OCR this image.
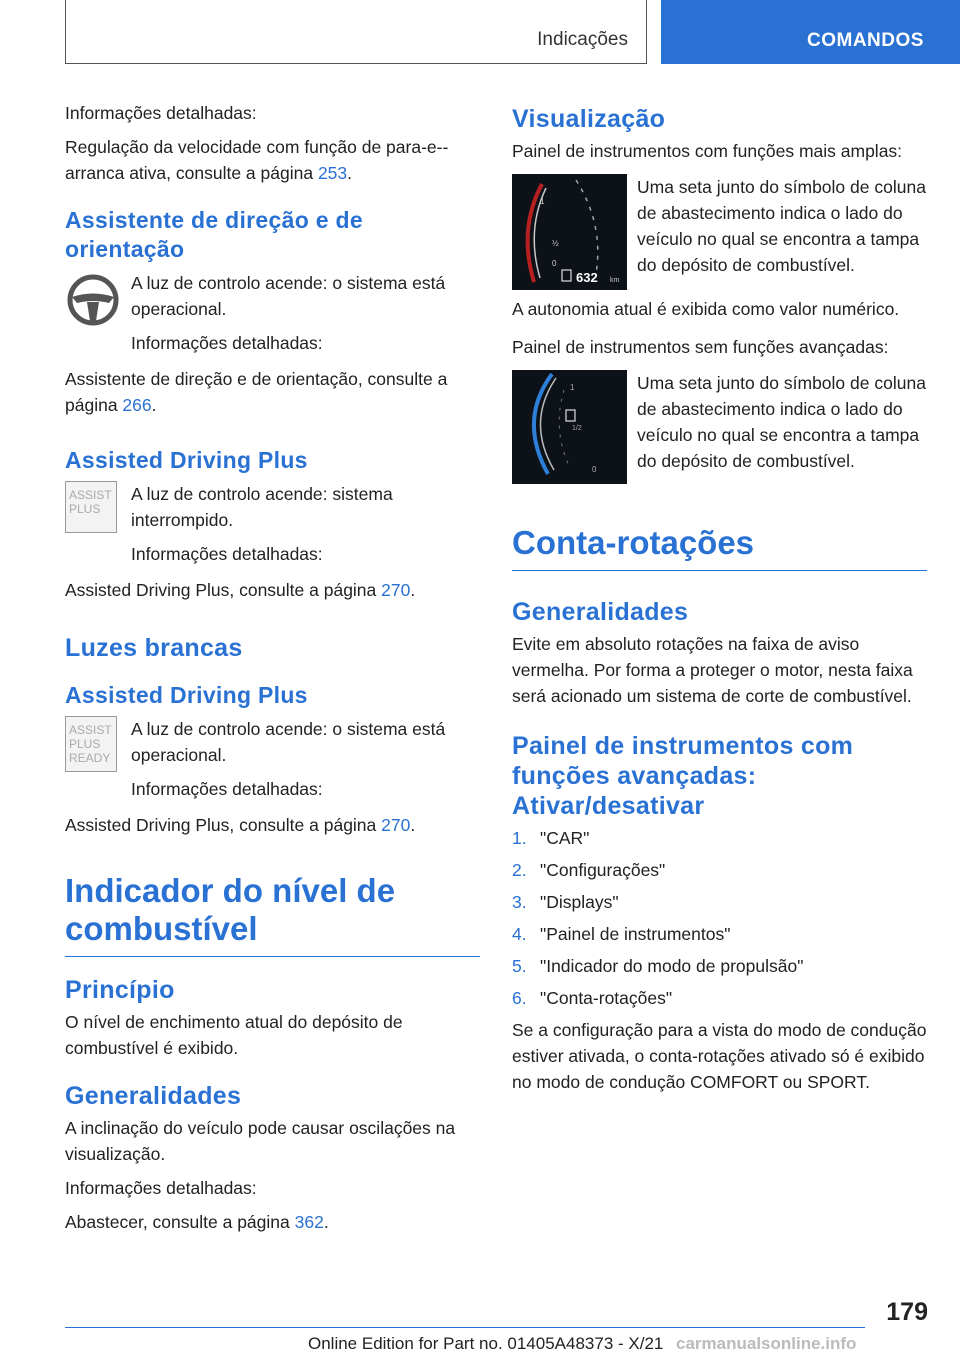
Indicações	COMANDOS

Informações detalhadas:

Regulação da velocidade com função de para-e--arranca ativa, consulte a página 253.

Assistente de direção e de orientação

A luz de controlo acende: o sistema está operacional.

Informações detalhadas:

Assistente de direção e de orientação, consulte a página 266.

Assisted Driving Plus
ASSIST PLUS

A luz de controlo acende: sistema interrompido.

Informações detalhadas:

Assisted Driving Plus, consulte a página 270.

Luzes brancas
Assisted Driving Plus
ASSIST PLUS READY

A luz de controlo acende: o sistema está operacional.

Informações detalhadas:

Assisted Driving Plus, consulte a página 270.

Indicador do nível de combustível
Princípio

O nível de enchimento atual do depósito de combustível é exibido.

Generalidades

A inclinação do veículo pode causar oscilações na visualização.

Informações detalhadas:

Abastecer, consulte a página 362.

Visualização

Painel de instrumentos com funções mais amplas:

1
½
0
632 km

Uma seta junto do símbolo de coluna de abastecimento indica o lado do veículo no qual se encontra a tampa do depósito de combustível.

A autonomia atual é exibida como valor numérico.

Painel de instrumentos sem funções avançadas:

1
1/2
0

Uma seta junto do símbolo de coluna de abastecimento indica o lado do veículo no qual se encontra a tampa do depósito de combustível.

Conta-rotações
Generalidades

Evite em absoluto rotações na faixa de aviso vermelha. Por forma a proteger o motor, nesta faixa será acionado um sistema de corte de combustível.

Painel de instrumentos com funções avançadas: Ativar/desativar
1. "CAR"
2. "Configurações"
3. "Displays"
4. "Painel de instrumentos"
5. "Indicador do modo de propulsão"
6. "Conta-rotações"

Se a configuração para a vista do modo de condução estiver ativada, o conta-rotações ativado só é exibido no modo de condução COMFORT ou SPORT.

179
Online Edition for Part no. 01405A48373 - X/21 carmanualsonline.info
